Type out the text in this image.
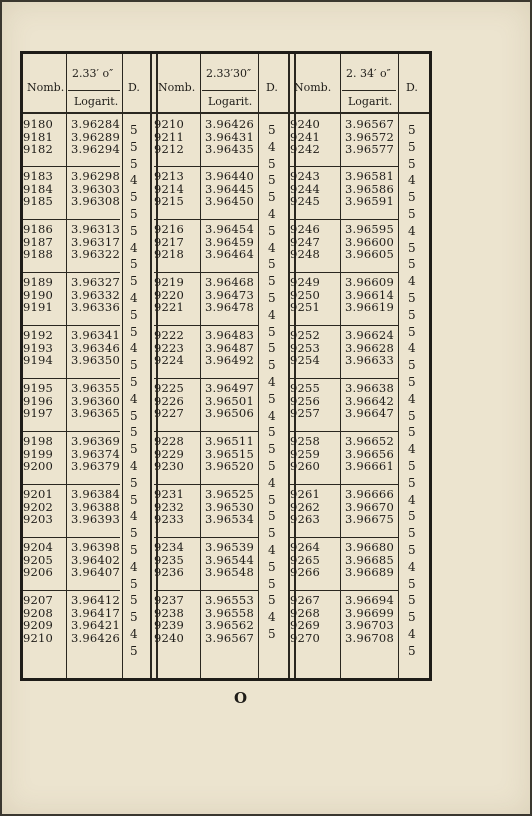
Nomb.
2.33′ o″
Logarit.
D. Nomb.
2.33′30″
Logarit.
D. Nomb.
2. 34′ o″
Logarit.
D.
9180 3.96284
9181 3.96289
9182 3.96294
9183 3.96298
9184 3.96303
9185 3.96308
9186 3.96313
9187 3.96317
9188 3.96322
9189 3.96327
9190 3.96332
9191 3.96336
9192 3.96341
9193 3.96346
9194 3.96350
9195 3.96355
9196 3.96360
9197 3.96365
9198 3.96369
9199 3.96374
9200 3.96379
9201 3.96384
9202 3.96388
9203 3.96393
9204 3.96398
9205 3.96402
9206 3.96407
9207 3.96412
9208 3.96417
9209 3.96421
9210 3.96426
5
5
5
4
5
5
5
4
5
5
4
5
5
4
5
5
4
5
5
5
4
5
5
4
5
5
4
5
5
5
4
5
9210 3.96426
9211 3.96431
9212 3.96435
9213 3.96440
9214 3.96445
9215 3.96450
9216 3.96454
9217 3.96459
9218 3.96464
9219 3.96468
9220 3.96473
9221 3.96478
9222 3.96483
9223 3.96487
9224 3.96492
9225 3.96497
9226 3.96501
9227 3.96506
9228 3.96511
9229 3.96515
9230 3.96520
9231 3.96525
9232 3.96530
9233 3.96534
9234 3.96539
9235 3.96544
9236 3.96548
9237 3.96553
9238 3.96558
9239 3.96562
9240 3.96567
5
4
5
5
5
4
5
4
5
5
5
4
5
5
5
4
5
4
5
5
5
4
5
5
5
4
5
5
5
4
5
9240 3.96567
9241 3.96572
9242 3.96577
9243 3.96581
9244 3.96586
9245 3.96591
9246 3.96595
9247 3.96600
9248 3.96605
9249 3.96609
9250 3.96614
9251 3.96619
9252 3.96624
9253 3.96628
9254 3.96633
9255 3.96638
9256 3.96642
9257 3.96647
9258 3.96652
9259 3.96656
9260 3.96661
9261 3.96666
9262 3.96670
9263 3.96675
9264 3.96680
9265 3.96685
9266 3.96689
9267 3.96694
9268 3.96699
9269 3.96703
9270 3.96708
5
5
5
4
5
5
4
5
5
4
5
5
5
4
5
5
4
5
5
4
5
5
4
5
5
5
4
5
5
5
4
5
O
